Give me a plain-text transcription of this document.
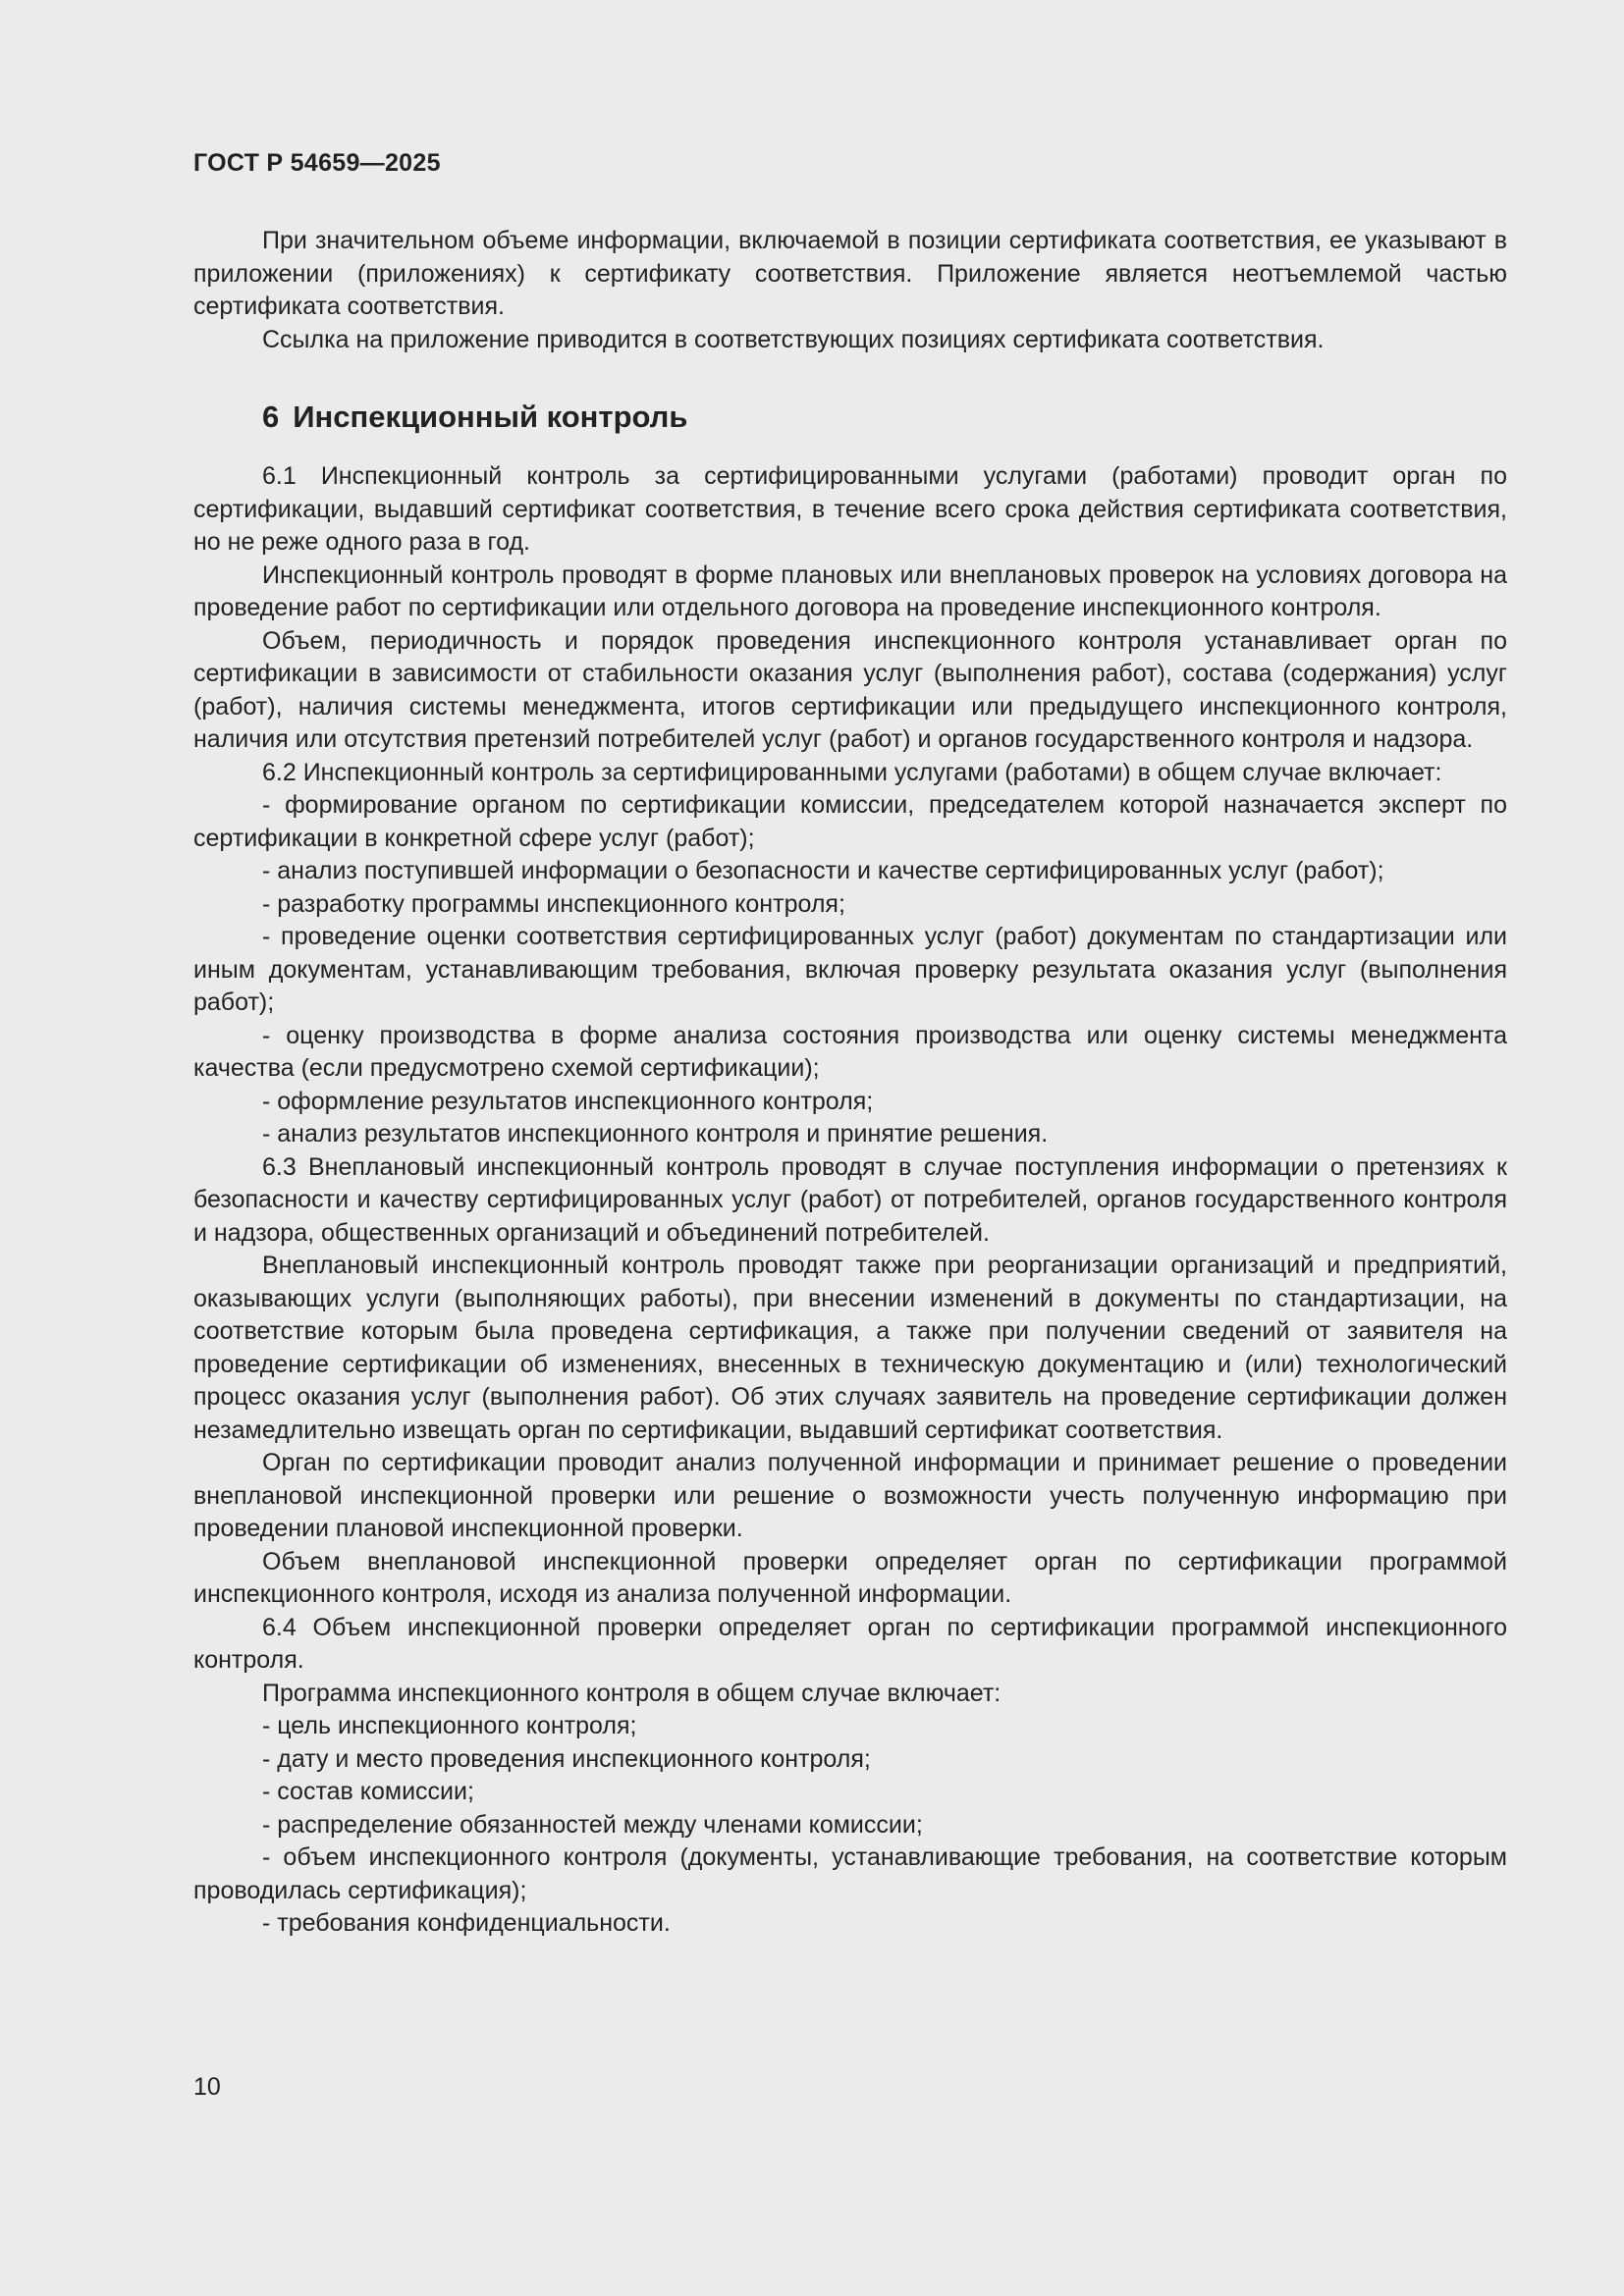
ГОСТ Р 54659—2025

При значительном объеме информации, включаемой в позиции сертификата соответствия, ее указывают в приложении (приложениях) к сертификату соответствия. Приложение является неотъемлемой частью сертификата соответствия.

Ссылка на приложение приводится в соответствующих позициях сертификата соответствия.

6 Инспекционный контроль

6.1 Инспекционный контроль за сертифицированными услугами (работами) проводит орган по сертификации, выдавший сертификат соответствия, в течение всего срока действия сертификата соответствия, но не реже одного раза в год.

Инспекционный контроль проводят в форме плановых или внеплановых проверок на условиях договора на проведение работ по сертификации или отдельного договора на проведение инспекционного контроля.

Объем, периодичность и порядок проведения инспекционного контроля устанавливает орган по сертификации в зависимости от стабильности оказания услуг (выполнения работ), состава (содержания) услуг (работ), наличия системы менеджмента, итогов сертификации или предыдущего инспекционного контроля, наличия или отсутствия претензий потребителей услуг (работ) и органов государственного контроля и надзора.

6.2 Инспекционный контроль за сертифицированными услугами (работами) в общем случае включает:

- формирование органом по сертификации комиссии, председателем которой назначается эксперт по сертификации в конкретной сфере услуг (работ);

- анализ поступившей информации о безопасности и качестве сертифицированных услуг (работ);

- разработку программы инспекционного контроля;

- проведение оценки соответствия сертифицированных услуг (работ) документам по стандартизации или иным документам, устанавливающим требования, включая проверку результата оказания услуг (выполнения работ);

- оценку производства в форме анализа состояния производства или оценку системы менеджмента качества (если предусмотрено схемой сертификации);

- оформление результатов инспекционного контроля;

- анализ результатов инспекционного контроля и принятие решения.

6.3 Внеплановый инспекционный контроль проводят в случае поступления информации о претензиях к безопасности и качеству сертифицированных услуг (работ) от потребителей, органов государственного контроля и надзора, общественных организаций и объединений потребителей.

Внеплановый инспекционный контроль проводят также при реорганизации организаций и предприятий, оказывающих услуги (выполняющих работы), при внесении изменений в документы по стандартизации, на соответствие которым была проведена сертификация, а также при получении сведений от заявителя на проведение сертификации об изменениях, внесенных в техническую документацию и (или) технологический процесс оказания услуг (выполнения работ). Об этих случаях заявитель на проведение сертификации должен незамедлительно извещать орган по сертификации, выдавший сертификат соответствия.

Орган по сертификации проводит анализ полученной информации и принимает решение о проведении внеплановой инспекционной проверки или решение о возможности учесть полученную информацию при проведении плановой инспекционной проверки.

Объем внеплановой инспекционной проверки определяет орган по сертификации программой инспекционного контроля, исходя из анализа полученной информации.

6.4 Объем инспекционной проверки определяет орган по сертификации программой инспекционного контроля.

Программа инспекционного контроля в общем случае включает:

- цель инспекционного контроля;

- дату и место проведения инспекционного контроля;

- состав комиссии;

- распределение обязанностей между членами комиссии;

- объем инспекционного контроля (документы, устанавливающие требования, на соответствие которым проводилась сертификация);

- требования конфиденциальности.

10
